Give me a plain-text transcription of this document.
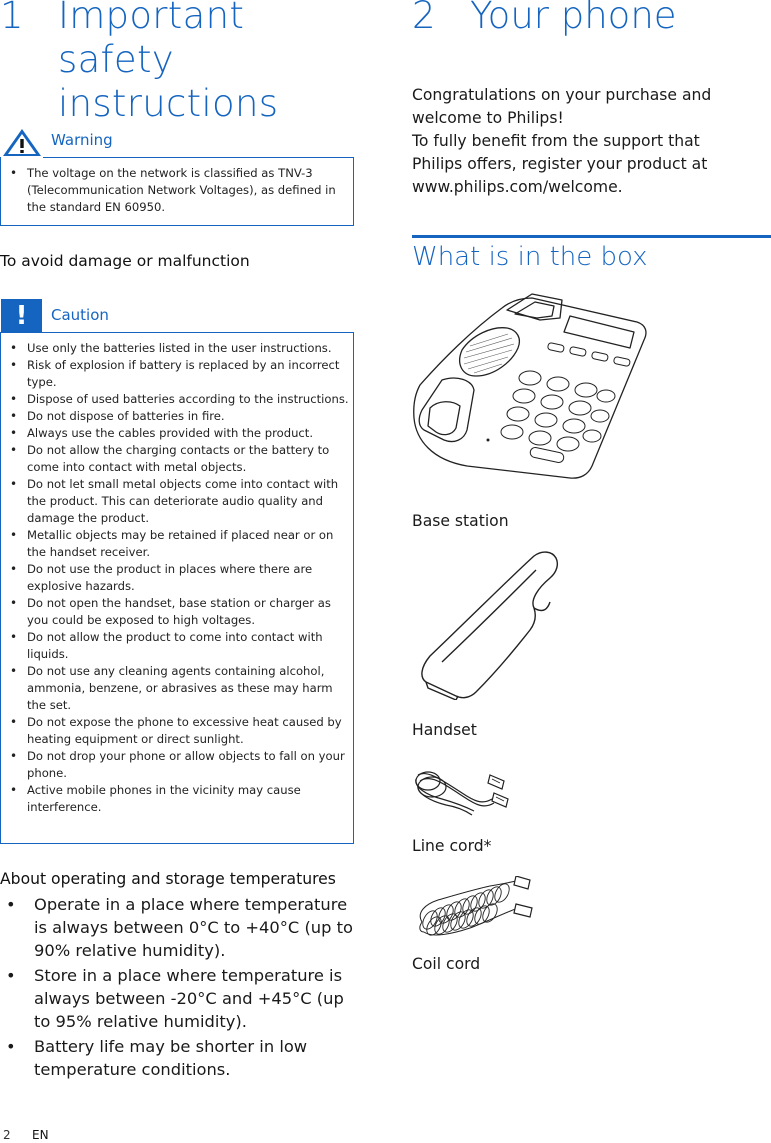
1 Important safety instructions
Warning
• The voltage on the network is classified as TNV-3 (Telecommunication Network Voltages), as defined in the standard EN 60950.
To avoid damage or malfunction
!	Caution
• Use only the batteries listed in the user instructions.
• Risk of explosion if battery is replaced by an incorrect type.
• Dispose of used batteries according to the instructions.
• Do not dispose of batteries in fire.
• Always use the cables provided with the product.
• Do not allow the charging contacts or the battery to come into contact with metal objects.
• Do not let small metal objects come into contact with the product. This can deteriorate audio quality and damage the product.
• Metallic objects may be retained if placed near or on the handset receiver.
• Do not use the product in places where there are explosive hazards.
• Do not open the handset, base station or charger as you could be exposed to high voltages.
• Do not allow the product to come into contact with liquids.
• Do not use any cleaning agents containing alcohol, ammonia, benzene, or abrasives as these may harm the set.
• Do not expose the phone to excessive heat caused by heating equipment or direct sunlight.
• Do not drop your phone or allow objects to fall on your phone.
• Active mobile phones in the vicinity may cause interference.
About operating and storage temperatures
• Operate in a place where temperature is always between 0°C to +40°C (up to 90% relative humidity).
• Store in a place where temperature is always between -20°C and +45°C (up to 95% relative humidity).
• Battery life may be shorter in low temperature conditions.
2 Your phone
Congratulations on your purchase and welcome to Philips!
To fully benefit from the support that Philips offers, register your product at www.philips.com/welcome.
What is in the box
Base station
Handset
Line cord*
Coil cord
2 EN
